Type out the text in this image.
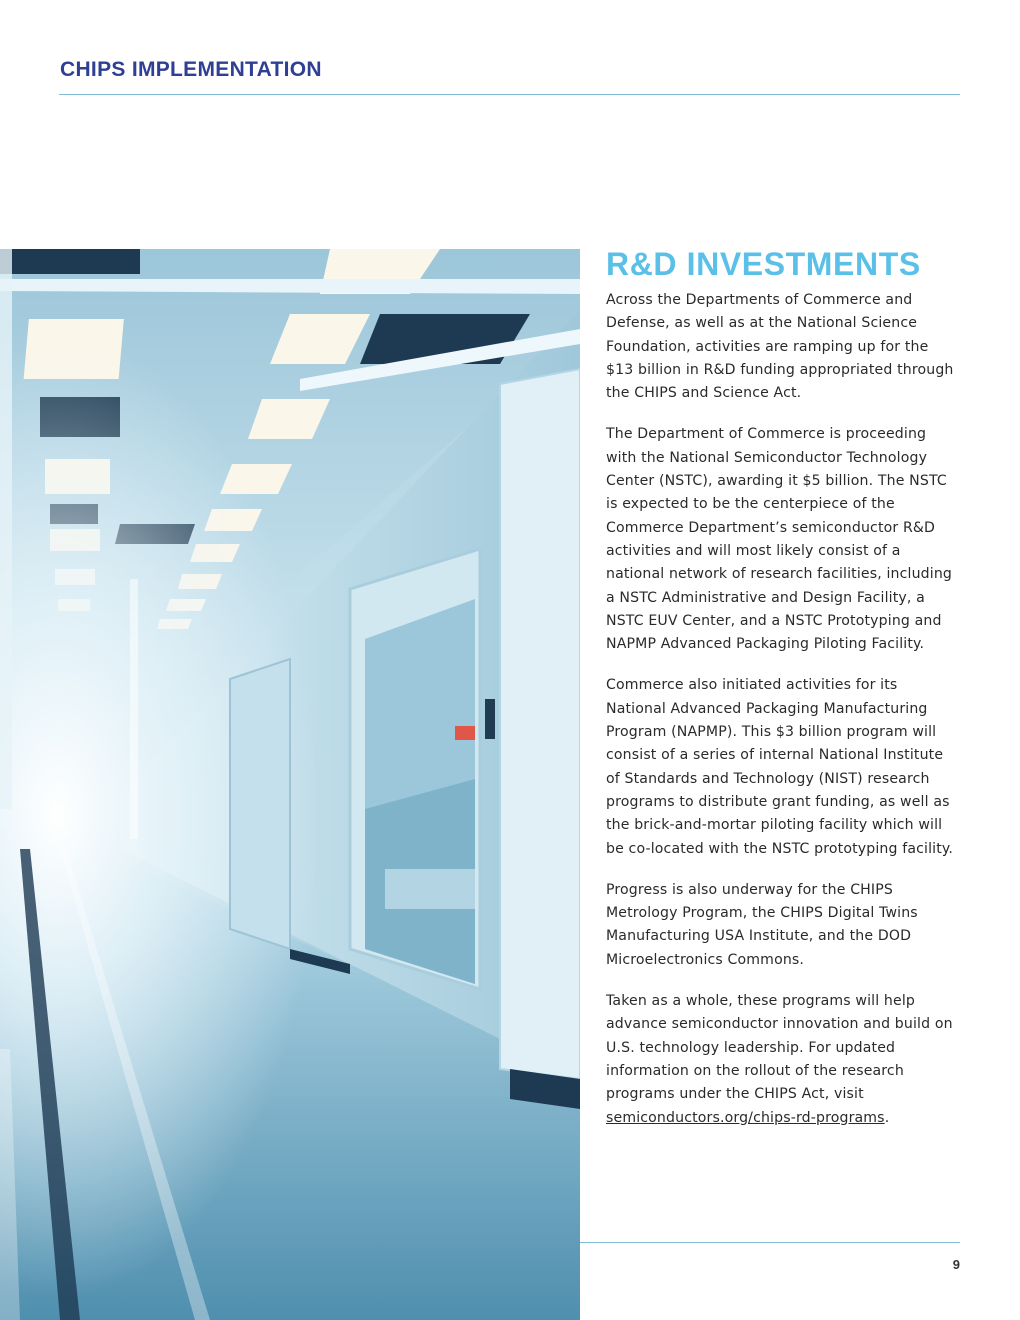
CHIPS IMPLEMENTATION
R&D INVESTMENTS

Across the Departments of Commerce and Defense, as well as at the National Science Foundation, activities are ramping up for the $13 billion in R&D funding appropriated through the CHIPS and Science Act.

The Department of Commerce is proceeding with the National Semiconductor Technology Center (NSTC), awarding it $5 billion. The NSTC is expected to be the centerpiece of the Commerce Department’s semiconductor R&D activities and will most likely consist of a national network of research facilities, including a NSTC Administrative and Design Facility, a NSTC EUV Center, and a NSTC Prototyping and NAPMP Advanced Packaging Piloting Facility.

Commerce also initiated activities for its National Advanced Packaging Manufacturing Program (NAPMP). This $3 billion program will consist of a series of internal National Institute of Standards and Technology (NIST) research programs to distribute grant funding, as well as the brick-and-mortar piloting facility which will be co-located with the NSTC prototyping facility.

Progress is also underway for the CHIPS Metrology Program, the CHIPS Digital Twins Manufacturing USA Institute, and the DOD Microelectronics Commons.

Taken as a whole, these programs will help advance semiconductor innovation and build on U.S. technology leadership. For updated information on the rollout of the research programs under the CHIPS Act, visit semiconductors.org/chips-rd-programs.

9
